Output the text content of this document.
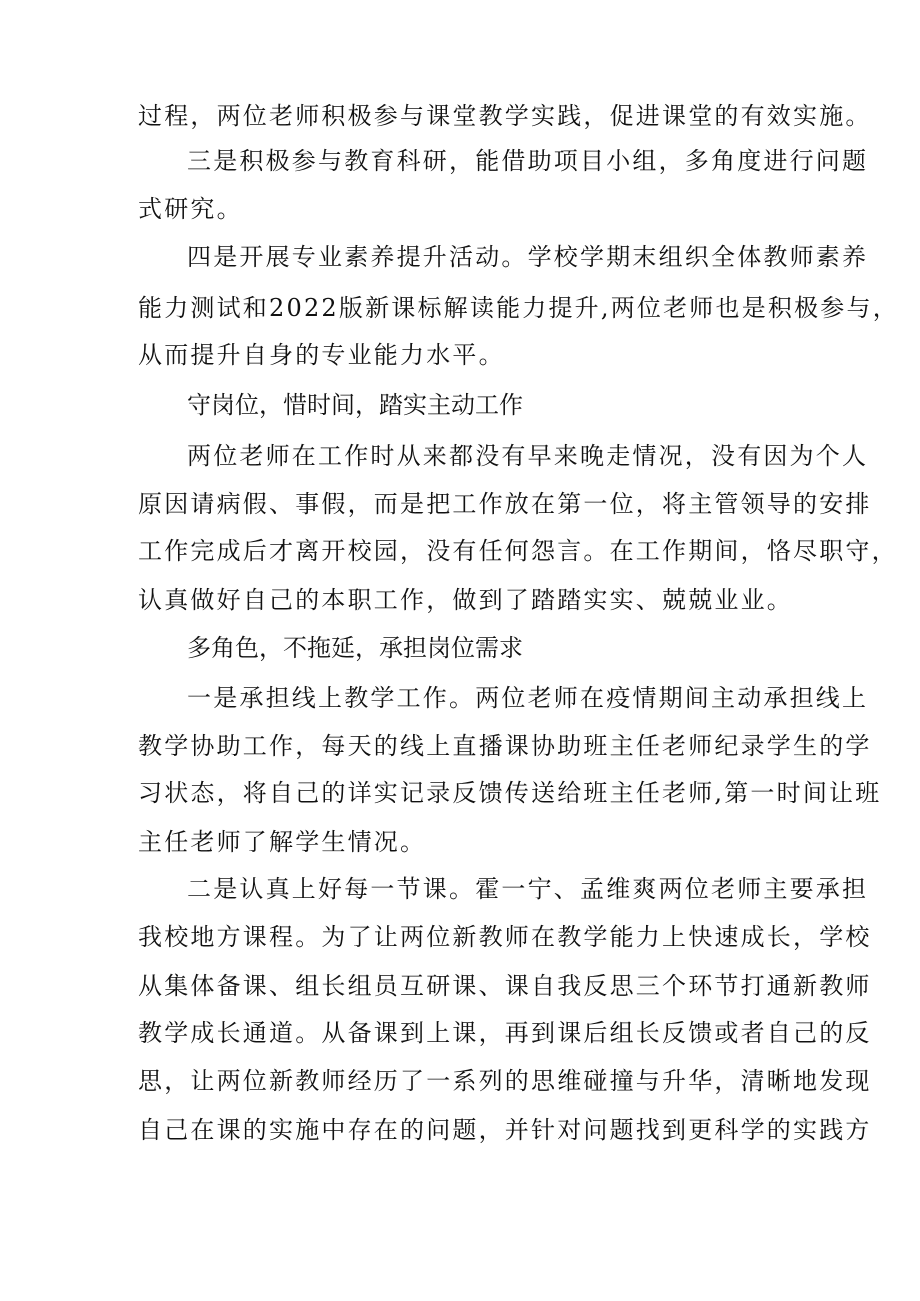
过程，两位老师积极参与课堂教学实践，促进课堂的有效实施。
三是积极参与教育科研，能借助项目小组，多角度进行问题
式研究。
四是开展专业素养提升活动。学校学期末组织全体教师素养
能力测试和2022版新课标解读能力提升,两位老师也是积极参与，
从而提升自身的专业能力水平。
守岗位，惜时间，踏实主动工作
两位老师在工作时从来都没有早来晚走情况，没有因为个人
原因请病假、事假，而是把工作放在第一位，将主管领导的安排
工作完成后才离开校园，没有任何怨言。在工作期间，恪尽职守，
认真做好自己的本职工作，做到了踏踏实实、兢兢业业。
多角色，不拖延，承担岗位需求
一是承担线上教学工作。两位老师在疫情期间主动承担线上
教学协助工作，每天的线上直播课协助班主任老师纪录学生的学
习状态，将自己的详实记录反馈传送给班主任老师,第一时间让班
主任老师了解学生情况。
二是认真上好每一节课。霍一宁、孟维爽两位老师主要承担
我校地方课程。为了让两位新教师在教学能力上快速成长，学校
从集体备课、组长组员互研课、课自我反思三个环节打通新教师
教学成长通道。从备课到上课，再到课后组长反馈或者自己的反
思，让两位新教师经历了一系列的思维碰撞与升华，清晰地发现
自己在课的实施中存在的问题，并针对问题找到更科学的实践方
